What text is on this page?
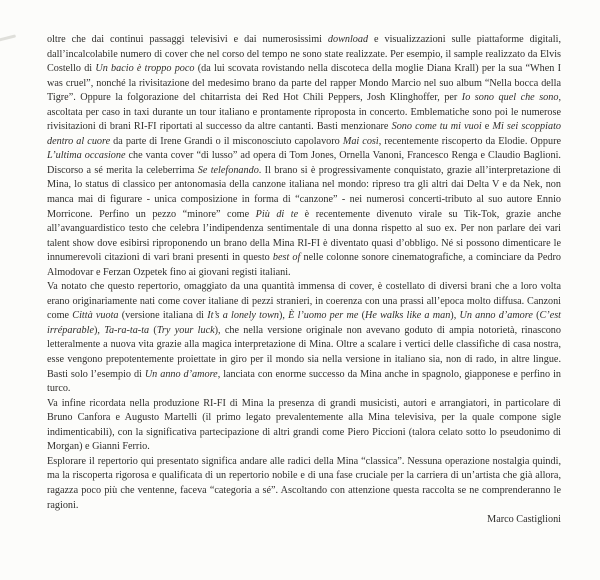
oltre che dai continui passaggi televisivi e dai numerosissimi download e visualizzazioni sulle piattaforme digitali, dall’incalcolabile numero di cover che nel corso del tempo ne sono state realizzate. Per esempio, il sample realizzato da Elvis Costello di Un bacio è troppo poco (da lui scovata rovistando nella discoteca della moglie Diana Krall) per la sua “When I was cruel”, nonché la rivisitazione del medesimo brano da parte del rapper Mondo Marcio nel suo album “Nella bocca della Tigre”. Oppure la folgorazione del chitarrista dei Red Hot Chili Peppers, Josh Klinghoffer, per Io sono quel che sono, ascoltata per caso in taxi durante un tour italiano e prontamente riproposta in concerto. Emblematiche sono poi le numerose rivisitazioni di brani RI-FI riportati al successo da altre cantanti. Basti menzionare Sono come tu mi vuoi e Mi sei scoppiato dentro al cuore da parte di Irene Grandi o il misconosciuto capolavoro Mai così, recentemente riscoperto da Elodie. Oppure L’ultima occasione che vanta cover “di lusso” ad opera di Tom Jones, Ornella Vanoni, Francesco Renga e Claudio Baglioni. Discorso a sé merita la celeberrima Se telefonando. Il brano si è progressivamente conquistato, grazie all’interpretazione di Mina, lo status di classico per antonomasia della canzone italiana nel mondo: ripreso tra gli altri dai Delta V e da Nek, non manca mai di figurare - unica composizione in forma di “canzone” - nei numerosi concerti-tributo al suo autore Ennio Morricone. Perfino un pezzo “minore” come Più di te è recentemente divenuto virale su Tik-Tok, grazie anche all’avanguardistico testo che celebra l’indipendenza sentimentale di una donna rispetto al suo ex. Per non parlare dei vari talent show dove esibirsi riproponendo un brano della Mina RI-FI è diventato quasi d’obbligo. Né si possono dimenticare le innumerevoli citazioni di vari brani presenti in questo best of nelle colonne sonore cinematografiche, a cominciare da Pedro Almodovar e Ferzan Ozpetek fino ai giovani registi italiani.

Va notato che questo repertorio, omaggiato da una quantità immensa di cover, è costellato di diversi brani che a loro volta erano originariamente nati come cover italiane di pezzi stranieri, in coerenza con una prassi all’epoca molto diffusa. Canzoni come Città vuota (versione italiana di It’s a lonely town), È l’uomo per me (He walks like a man), Un anno d’amore (C’est irréparable), Ta-ra-ta-ta (Try your luck), che nella versione originale non avevano goduto di ampia notorietà, rinascono letteralmente a nuova vita grazie alla magica interpretazione di Mina. Oltre a scalare i vertici delle classifiche di casa nostra, esse vengono prepotentemente proiettate in giro per il mondo sia nella versione in italiano sia, non di rado, in altre lingue. Basti solo l’esempio di Un anno d’amore, lanciata con enorme successo da Mina anche in spagnolo, giapponese e perfino in turco.

Va infine ricordata nella produzione RI-FI di Mina la presenza di grandi musicisti, autori e arrangiatori, in particolare di Bruno Canfora e Augusto Martelli (il primo legato prevalentemente alla Mina televisiva, per la quale compone sigle indimenticabili), con la significativa partecipazione di altri grandi come Piero Piccioni (talora celato sotto lo pseudonimo di Morgan) e Gianni Ferrio.

Esplorare il repertorio qui presentato significa andare alle radici della Mina “classica”. Nessuna operazione nostalgia quindi, ma la riscoperta rigorosa e qualificata di un repertorio nobile e di una fase cruciale per la carriera di un’artista che già allora, ragazza poco più che ventenne, faceva “categoria a sé”. Ascoltando con attenzione questa raccolta se ne comprenderanno le ragioni.

Marco Castiglioni
